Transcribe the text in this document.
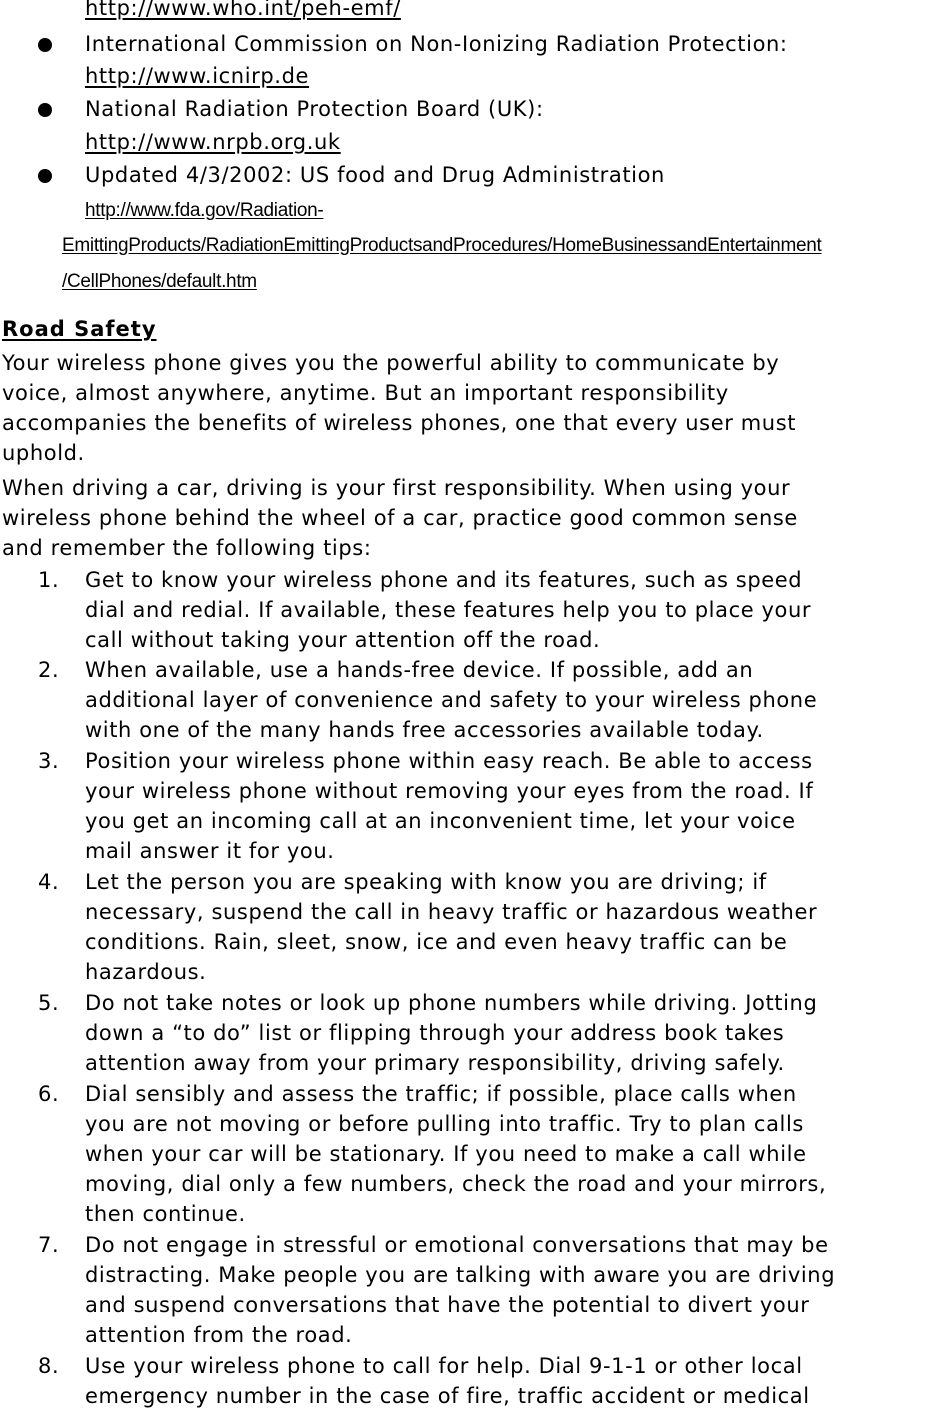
http://www.who.int/peh-emf/
International Commission on Non-Ionizing Radiation Protection:
http://www.icnirp.de
National Radiation Protection Board (UK):
http://www.nrpb.org.uk
Updated 4/3/2002: US food and Drug Administration
http://www.fda.gov/Radiation-
EmittingProducts/RadiationEmittingProductsandProcedures/HomeBusinessandEntertainment
/CellPhones/default.htm
Road Safety
Your wireless phone gives you the powerful ability to communicate by
voice, almost anywhere, anytime. But an important responsibility
accompanies the benefits of wireless phones, one that every user must
uphold.
When driving a car, driving is your first responsibility. When using your
wireless phone behind the wheel of a car, practice good common sense
and remember the following tips:
1. Get to know your wireless phone and its features, such as speed
dial and redial. If available, these features help you to place your
call without taking your attention off the road.
2. When available, use a hands-free device. If possible, add an
additional layer of convenience and safety to your wireless phone
with one of the many hands free accessories available today.
3. Position your wireless phone within easy reach. Be able to access
your wireless phone without removing your eyes from the road. If
you get an incoming call at an inconvenient time, let your voice
mail answer it for you.
4. Let the person you are speaking with know you are driving; if
necessary, suspend the call in heavy traffic or hazardous weather
conditions. Rain, sleet, snow, ice and even heavy traffic can be
hazardous.
5. Do not take notes or look up phone numbers while driving. Jotting
down a “to do” list or flipping through your address book takes
attention away from your primary responsibility, driving safely.
6. Dial sensibly and assess the traffic; if possible, place calls when
you are not moving or before pulling into traffic. Try to plan calls
when your car will be stationary. If you need to make a call while
moving, dial only a few numbers, check the road and your mirrors,
then continue.
7. Do not engage in stressful or emotional conversations that may be
distracting. Make people you are talking with aware you are driving
and suspend conversations that have the potential to divert your
attention from the road.
8. Use your wireless phone to call for help. Dial 9-1-1 or other local
emergency number in the case of fire, traffic accident or medical
